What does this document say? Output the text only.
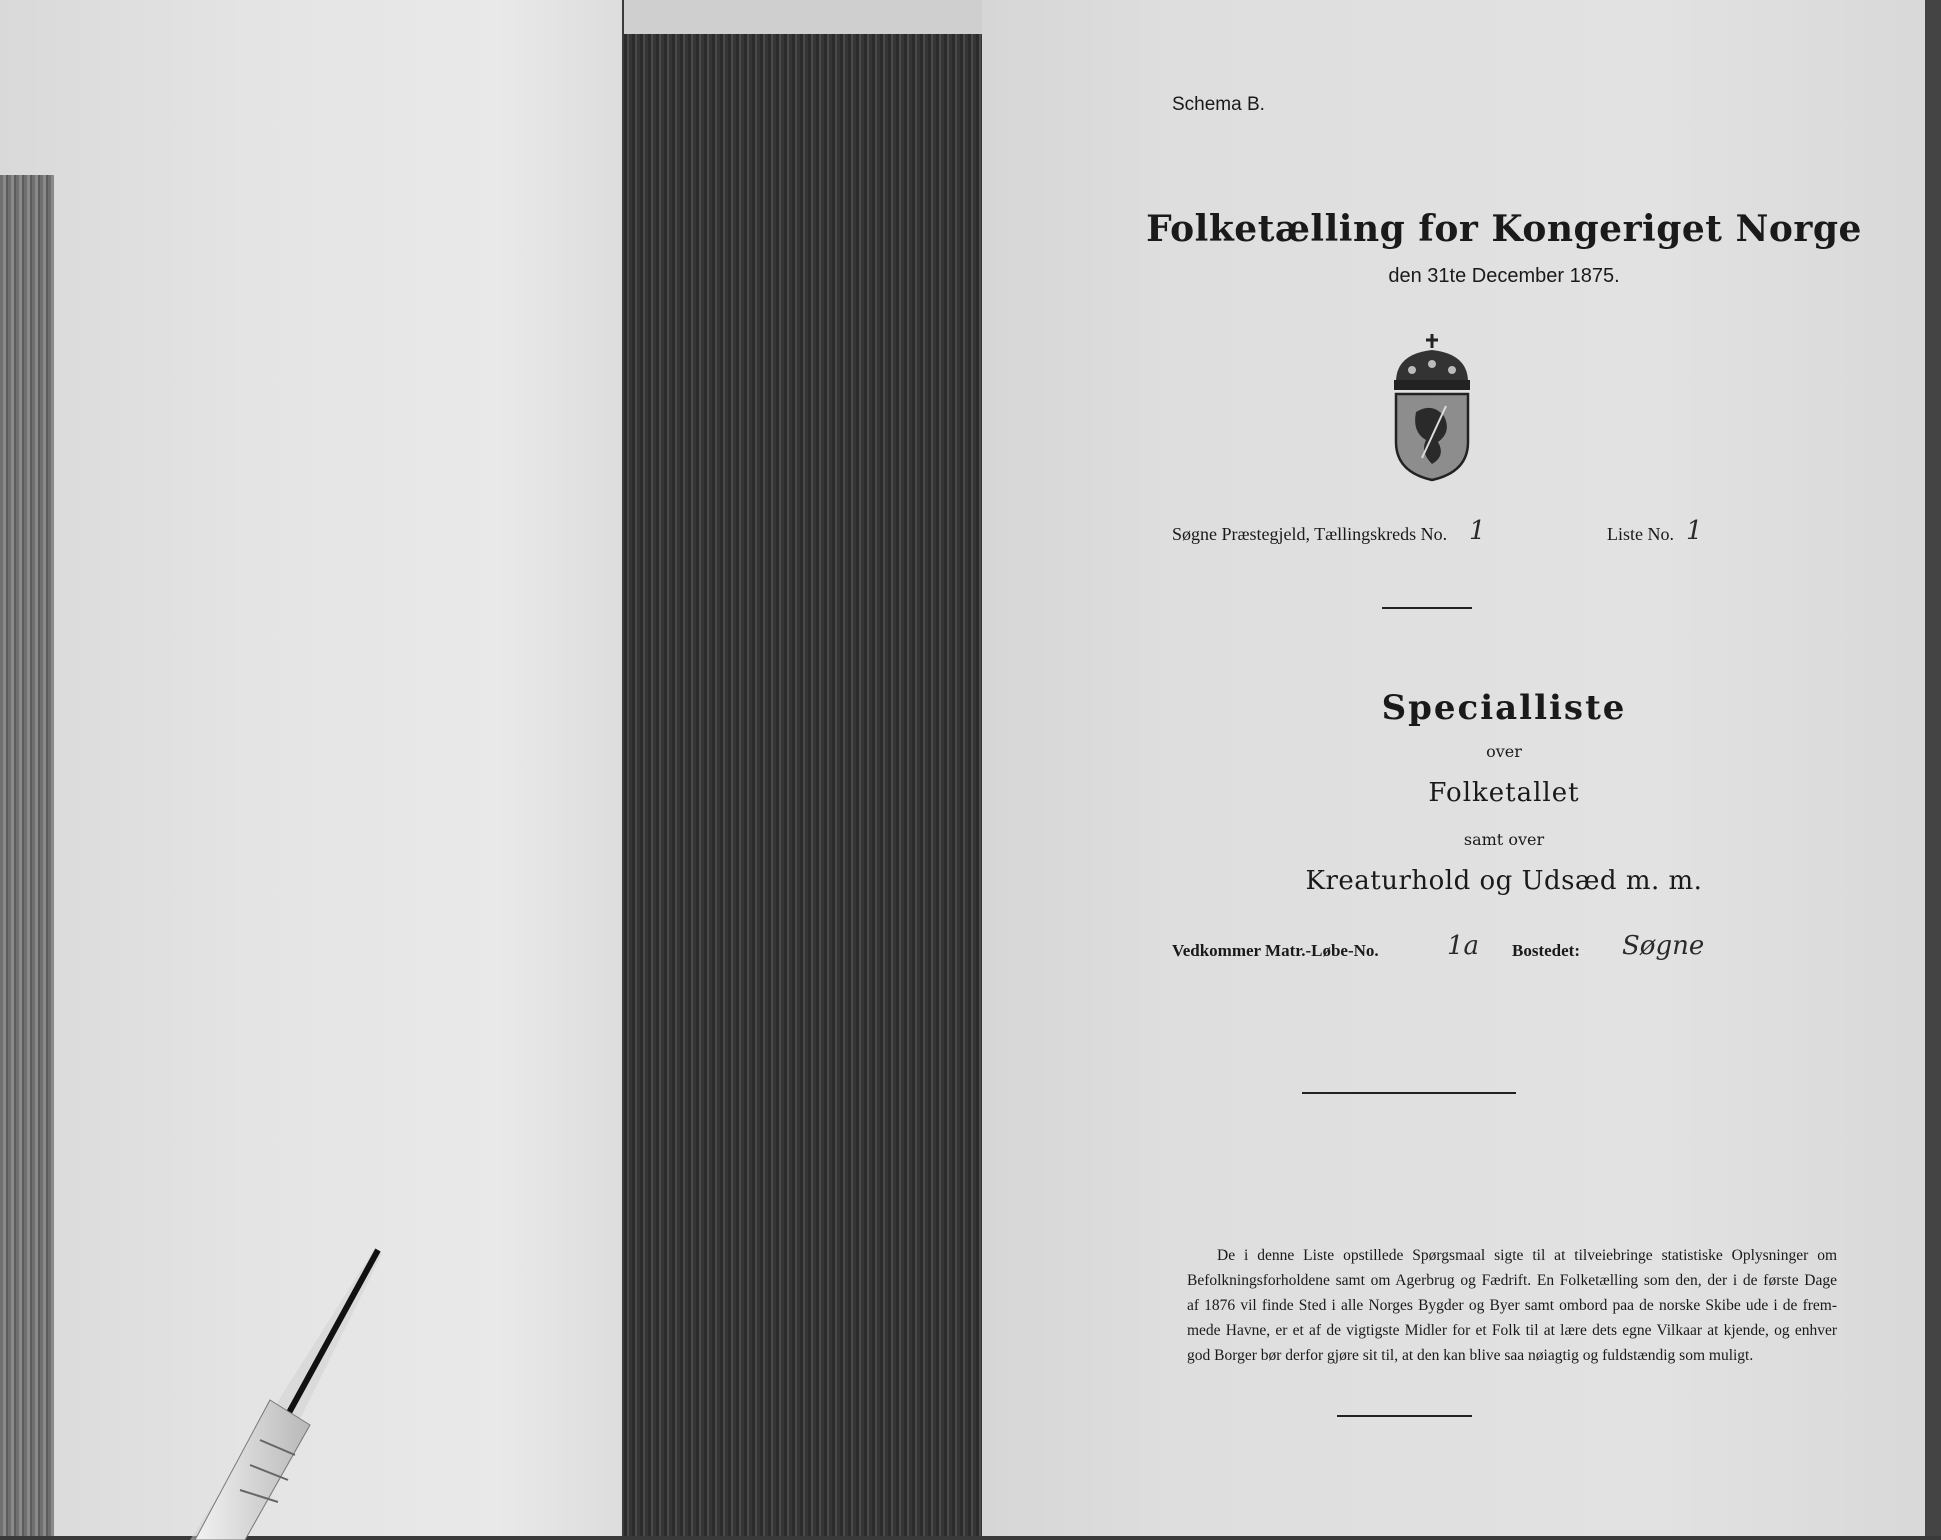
Schema B.
Folketælling for Kongeriget Norge
den 31te December 1875.
Søgne Præstegjeld, Tællingskreds No. 1	Liste No. 1
Specialliste
over
Folketallet
samt over
Kreaturhold og Udsæd m. m.
Vedkommer Matr.-Løbe-No.	1a Bostedet: Søgne
De i denne Liste opstillede Spørgsmaal sigte til at tilveiebringe statistiske Oplysninger om
Befolkningsforholdene samt om Agerbrug og Fædrift. En Folketælling som den, der i de første Dage
af 1876 vil finde Sted i alle Norges Bygder og Byer samt ombord paa de norske Skibe ude i de frem-
mede Havne, er et af de vigtigste Midler for et Folk til at lære dets egne Vilkaar at kjende, og enhver
god Borger bør derfor gjøre sit til, at den kan blive saa nøiagtig og fuldstændig som muligt.
